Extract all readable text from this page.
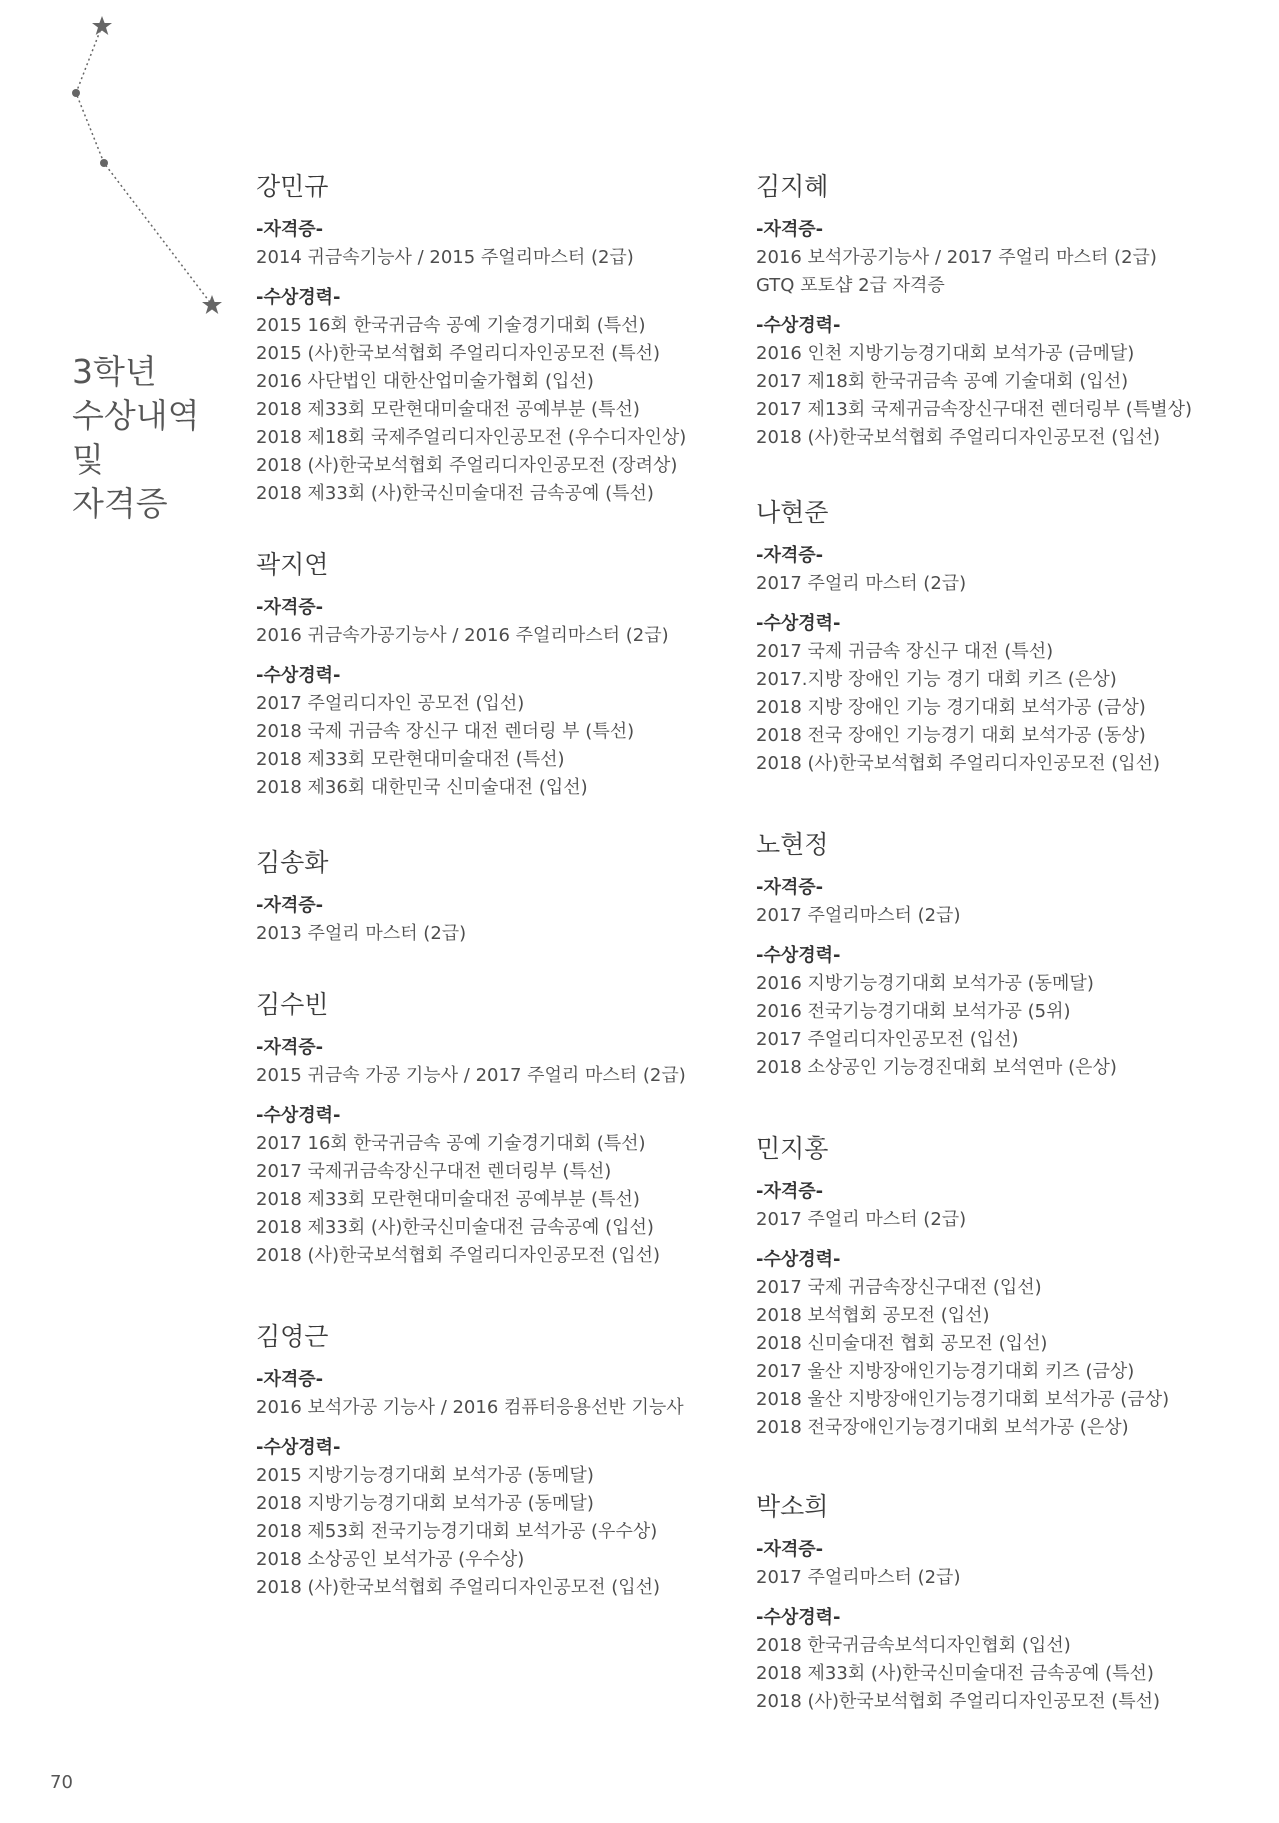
3학년
수상내역
및
자격증
강민규
-자격증-
2014 귀금속기능사 / 2015 주얼리마스터 (2급)
-수상경력-
2015 16회 한국귀금속 공예 기술경기대회 (특선)
2015 (사)한국보석협회 주얼리디자인공모전 (특선)
2016 사단법인 대한산업미술가협회 (입선)
2018 제33회 모란현대미술대전 공예부분 (특선)
2018 제18회 국제주얼리디자인공모전 (우수디자인상)
2018 (사)한국보석협회 주얼리디자인공모전 (장려상)
2018 제33회 (사)한국신미술대전 금속공예 (특선)
곽지연
-자격증-
2016 귀금속가공기능사 / 2016 주얼리마스터 (2급)
-수상경력-
2017 주얼리디자인 공모전 (입선)
2018 국제 귀금속 장신구 대전 렌더링 부 (특선)
2018 제33회 모란현대미술대전 (특선)
2018 제36회 대한민국 신미술대전 (입선)
김송화
-자격증-
2013 주얼리 마스터 (2급)
김수빈
-자격증-
2015 귀금속 가공 기능사 / 2017 주얼리 마스터 (2급)
-수상경력-
2017 16회 한국귀금속 공예 기술경기대회 (특선)
2017 국제귀금속장신구대전 렌더링부 (특선)
2018 제33회 모란현대미술대전 공예부분 (특선)
2018 제33회 (사)한국신미술대전 금속공예 (입선)
2018 (사)한국보석협회 주얼리디자인공모전 (입선)
김영근
-자격증-
2016 보석가공 기능사 / 2016 컴퓨터응용선반 기능사
-수상경력-
2015 지방기능경기대회 보석가공 (동메달)
2018 지방기능경기대회 보석가공 (동메달)
2018 제53회 전국기능경기대회 보석가공 (우수상)
2018 소상공인 보석가공 (우수상)
2018 (사)한국보석협회 주얼리디자인공모전 (입선)
김지혜
-자격증-
2016 보석가공기능사 / 2017 주얼리 마스터 (2급)
GTQ 포토샵 2급 자격증
-수상경력-
2016 인천 지방기능경기대회 보석가공 (금메달)
2017 제18회 한국귀금속 공예 기술대회 (입선)
2017 제13회 국제귀금속장신구대전 렌더링부 (특별상)
2018 (사)한국보석협회 주얼리디자인공모전 (입선)
나현준
-자격증-
2017 주얼리 마스터 (2급)
-수상경력-
2017 국제 귀금속 장신구 대전 (특선)
2017.지방 장애인 기능 경기 대회 키즈 (은상)
2018 지방 장애인 기능 경기대회 보석가공 (금상)
2018 전국 장애인 기능경기 대회 보석가공 (동상)
2018 (사)한국보석협회 주얼리디자인공모전 (입선)
노현정
-자격증-
2017 주얼리마스터 (2급)
-수상경력-
2016 지방기능경기대회 보석가공 (동메달)
2016 전국기능경기대회 보석가공 (5위)
2017 주얼리디자인공모전 (입선)
2018 소상공인 기능경진대회 보석연마 (은상)
민지홍
-자격증-
2017 주얼리 마스터 (2급)
-수상경력-
2017 국제 귀금속장신구대전 (입선)
2018 보석협회 공모전 (입선)
2018 신미술대전 협회 공모전 (입선)
2017 울산 지방장애인기능경기대회 키즈 (금상)
2018 울산 지방장애인기능경기대회 보석가공 (금상)
2018 전국장애인기능경기대회 보석가공 (은상)
박소희
-자격증-
2017 주얼리마스터 (2급)
-수상경력-
2018 한국귀금속보석디자인협회 (입선)
2018 제33회 (사)한국신미술대전 금속공예 (특선)
2018 (사)한국보석협회 주얼리디자인공모전 (특선)
70
